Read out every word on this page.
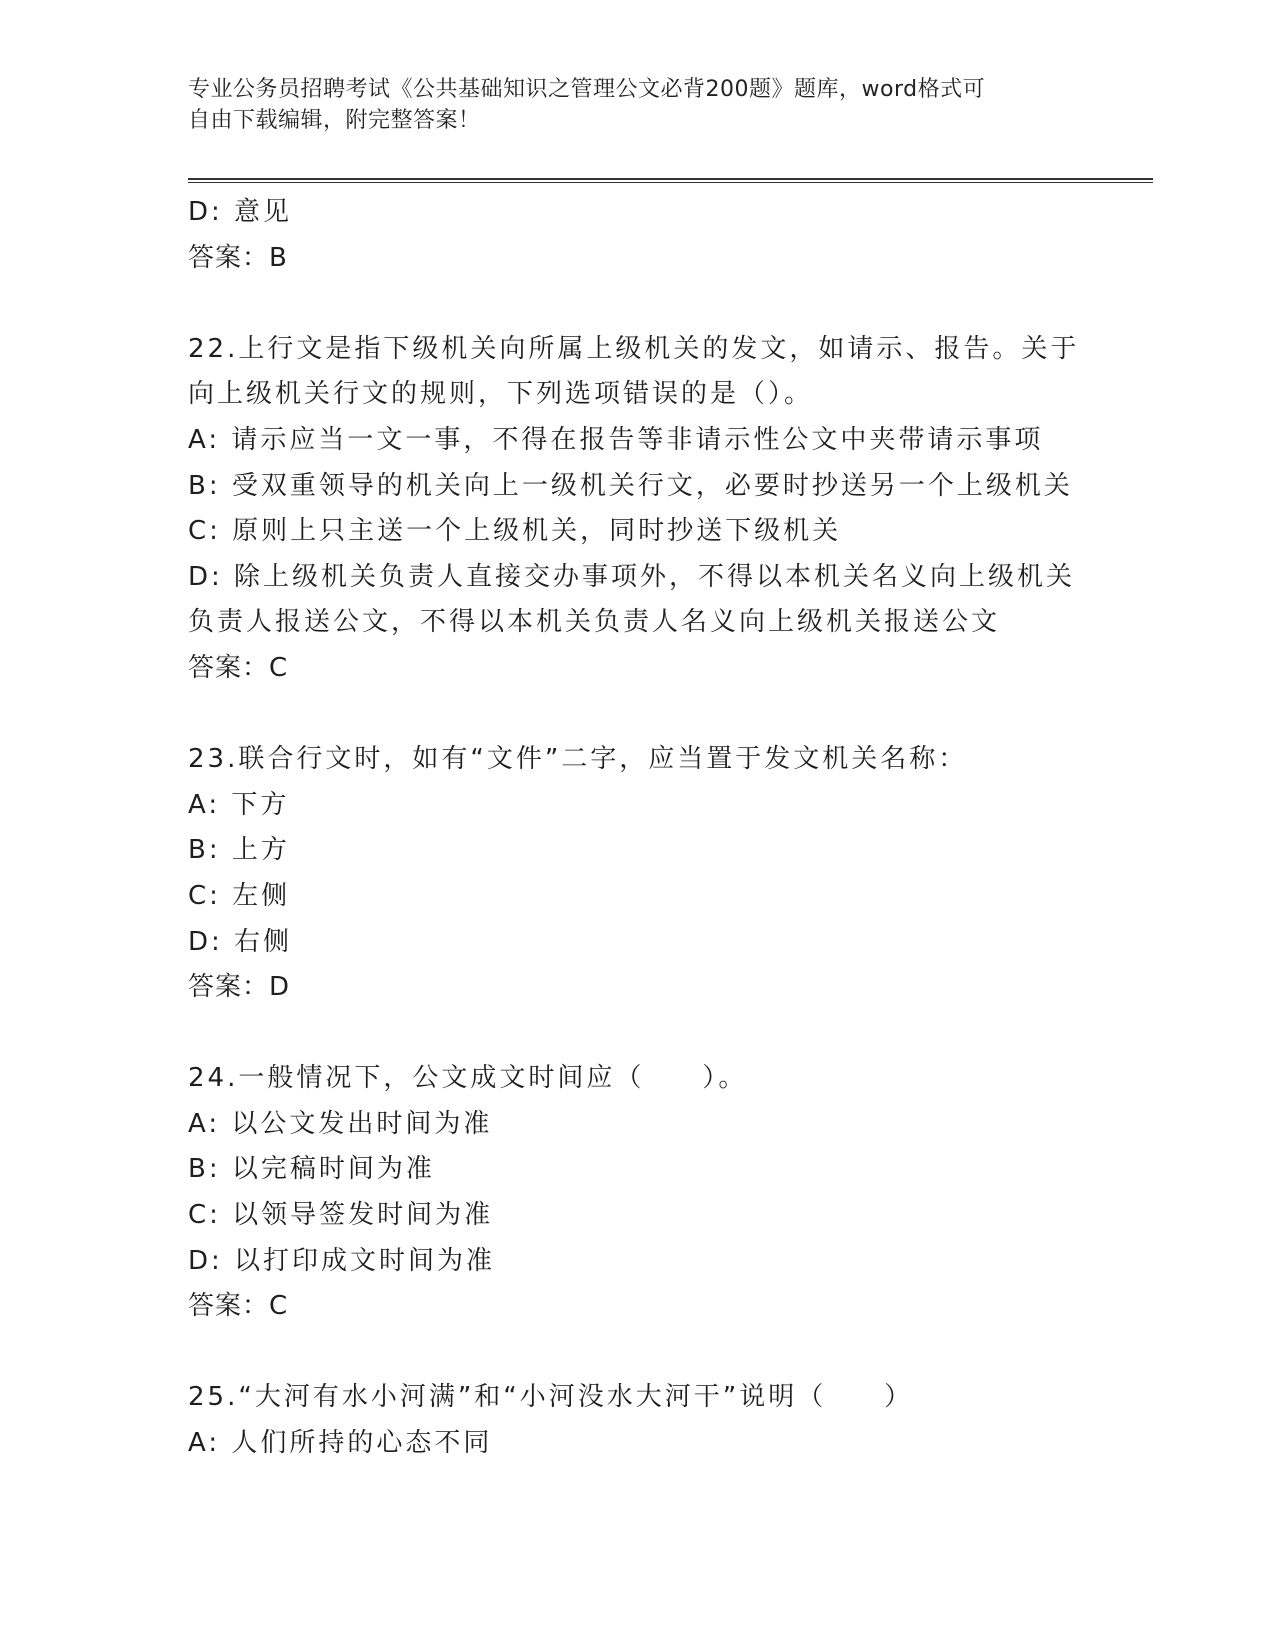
专业公务员招聘考试《公共基础知识之管理公文必背200题》题库，word格式可
自由下载编辑，附完整答案！
D: 意见
答案：B
22.上行文是指下级机关向所属上级机关的发文，如请示、报告。关于
向上级机关行文的规则，下列选项错误的是（）。
A: 请示应当一文一事，不得在报告等非请示性公文中夹带请示事项
B: 受双重领导的机关向上一级机关行文，必要时抄送另一个上级机关
C: 原则上只主送一个上级机关，同时抄送下级机关
D: 除上级机关负责人直接交办事项外，不得以本机关名义向上级机关
负责人报送公文，不得以本机关负责人名义向上级机关报送公文
答案：C
23.联合行文时，如有“文件”二字，应当置于发文机关名称：
A: 下方
B: 上方
C: 左侧
D: 右侧
答案：D
24.一般情况下，公文成文时间应（　　）。
A: 以公文发出时间为准
B: 以完稿时间为准
C: 以领导签发时间为准
D: 以打印成文时间为准
答案：C
25.“大河有水小河满”和“小河没水大河干”说明（　　）
A: 人们所持的心态不同
